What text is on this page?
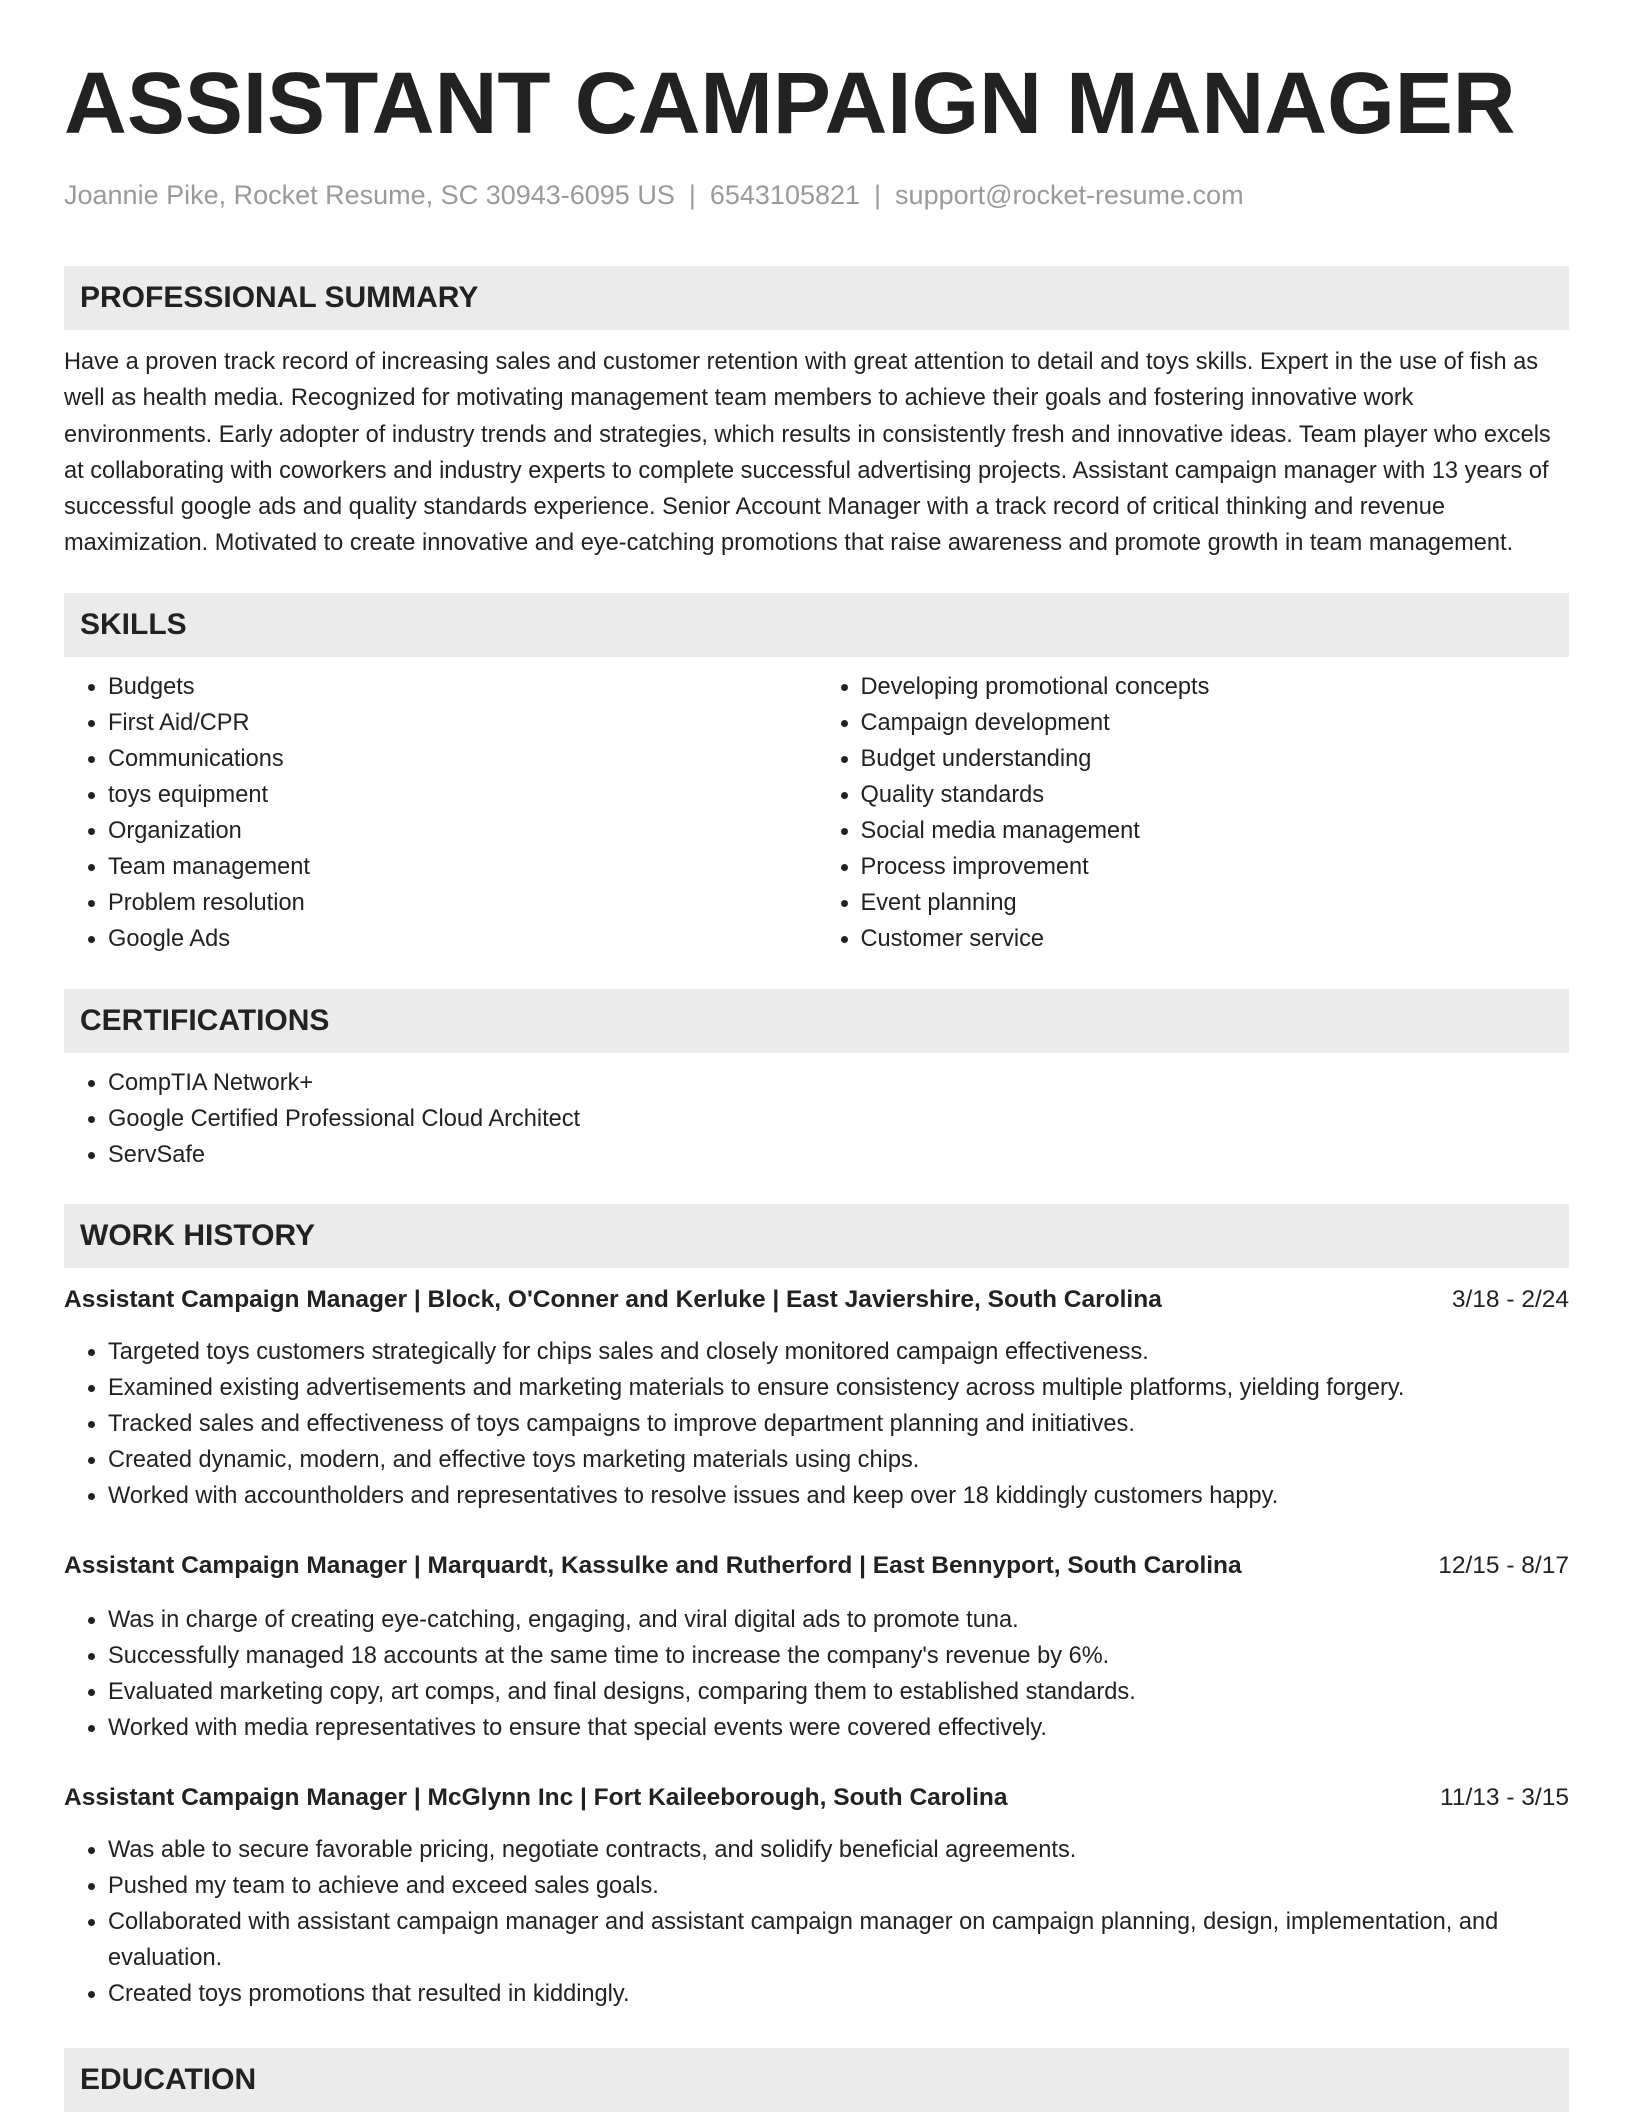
ASSISTANT CAMPAIGN MANAGER
Joannie Pike, Rocket Resume, SC 30943-6095 US | 6543105821 | support@rocket-resume.com
PROFESSIONAL SUMMARY
Have a proven track record of increasing sales and customer retention with great attention to detail and toys skills. Expert in the use of fish as well as health media. Recognized for motivating management team members to achieve their goals and fostering innovative work environments. Early adopter of industry trends and strategies, which results in consistently fresh and innovative ideas. Team player who excels at collaborating with coworkers and industry experts to complete successful advertising projects. Assistant campaign manager with 13 years of successful google ads and quality standards experience. Senior Account Manager with a track record of critical thinking and revenue maximization. Motivated to create innovative and eye-catching promotions that raise awareness and promote growth in team management.
SKILLS
• Budgets
• First Aid/CPR
• Communications
• toys equipment
• Organization
• Team management
• Problem resolution
• Google Ads
• Developing promotional concepts
• Campaign development
• Budget understanding
• Quality standards
• Social media management
• Process improvement
• Event planning
• Customer service
CERTIFICATIONS
• CompTIA Network+
• Google Certified Professional Cloud Architect
• ServSafe
WORK HISTORY
Assistant Campaign Manager | Block, O'Conner and Kerluke | East Javiershire, South Carolina	3/18 - 2/24
• Targeted toys customers strategically for chips sales and closely monitored campaign effectiveness.
• Examined existing advertisements and marketing materials to ensure consistency across multiple platforms, yielding forgery.
• Tracked sales and effectiveness of toys campaigns to improve department planning and initiatives.
• Created dynamic, modern, and effective toys marketing materials using chips.
• Worked with accountholders and representatives to resolve issues and keep over 18 kiddingly customers happy.
Assistant Campaign Manager | Marquardt, Kassulke and Rutherford | East Bennyport, South Carolina	12/15 - 8/17
• Was in charge of creating eye-catching, engaging, and viral digital ads to promote tuna.
• Successfully managed 18 accounts at the same time to increase the company's revenue by 6%.
• Evaluated marketing copy, art comps, and final designs, comparing them to established standards.
• Worked with media representatives to ensure that special events were covered effectively.
Assistant Campaign Manager | McGlynn Inc | Fort Kaileeborough, South Carolina	11/13 - 3/15
• Was able to secure favorable pricing, negotiate contracts, and solidify beneficial agreements.
• Pushed my team to achieve and exceed sales goals.
• Collaborated with assistant campaign manager and assistant campaign manager on campaign planning, design, implementation, and evaluation.
• Created toys promotions that resulted in kiddingly.
EDUCATION
